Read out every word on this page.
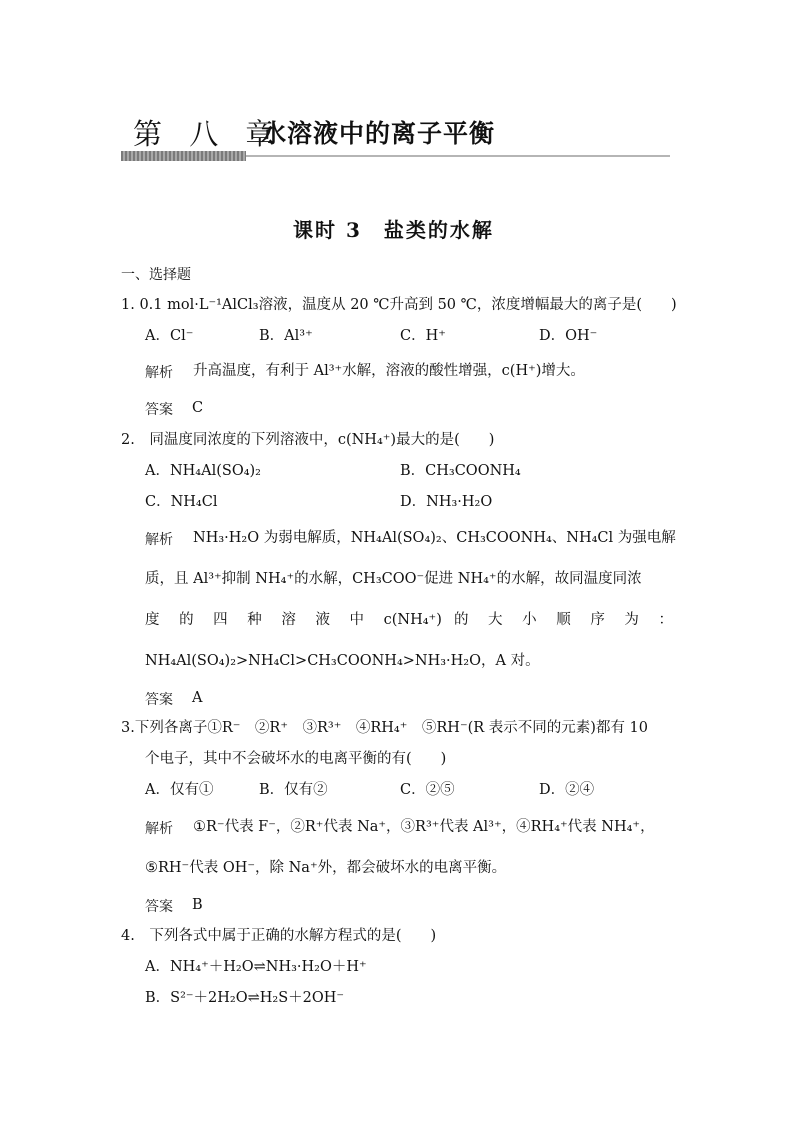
第 八 章
水溶液中的离子平衡
课时 3　盐类的水解
一、选择题
1. 0.1 mol·L⁻¹AlCl₃溶液，温度从 20 ℃升高到 50 ℃，浓度增幅最大的离子是(　　)
A．Cl⁻	B．Al³⁺	C．H⁺	D．OH⁻
解析 升高温度，有利于 Al³⁺水解，溶液的酸性增强，c(H⁺)增大。
答案 C
2.　同温度同浓度的下列溶液中，c(NH₄⁺)最大的是(　　)
A．NH₄Al(SO₄)₂	B．CH₃COONH₄
C．NH₄Cl	D．NH₃·H₂O
解析 NH₃·H₂O 为弱电解质，NH₄Al(SO₄)₂、CH₃COONH₄、NH₄Cl 为强电解
质，且 Al³⁺抑制 NH₄⁺的水解，CH₃COO⁻促进 NH₄⁺的水解，故同温度同浓
度 的 四 种 溶 液 中 c(NH₄⁺) 的 大 小 顺 序 为 ：
NH₄Al(SO₄)₂>NH₄Cl>CH₃COONH₄>NH₃·H₂O，A 对。
答案 A
3.下列各离子①R⁻　②R⁺　③R³⁺　④RH₄⁺　⑤RH⁻(R 表示不同的元素)都有 10
个电子，其中不会破坏水的电离平衡的有(　　)
A．仅有①	B．仅有②	C．②⑤	D．②④
解析 ①R⁻代表 F⁻，②R⁺代表 Na⁺，③R³⁺代表 Al³⁺，④RH₄⁺代表 NH₄⁺，
⑤RH⁻代表 OH⁻，除 Na⁺外，都会破坏水的电离平衡。
答案 B
4.　下列各式中属于正确的水解方程式的是(　　)
A．NH₄⁺＋H₂O⇌NH₃·H₂O＋H⁺
B．S²⁻＋2H₂O⇌H₂S＋2OH⁻
